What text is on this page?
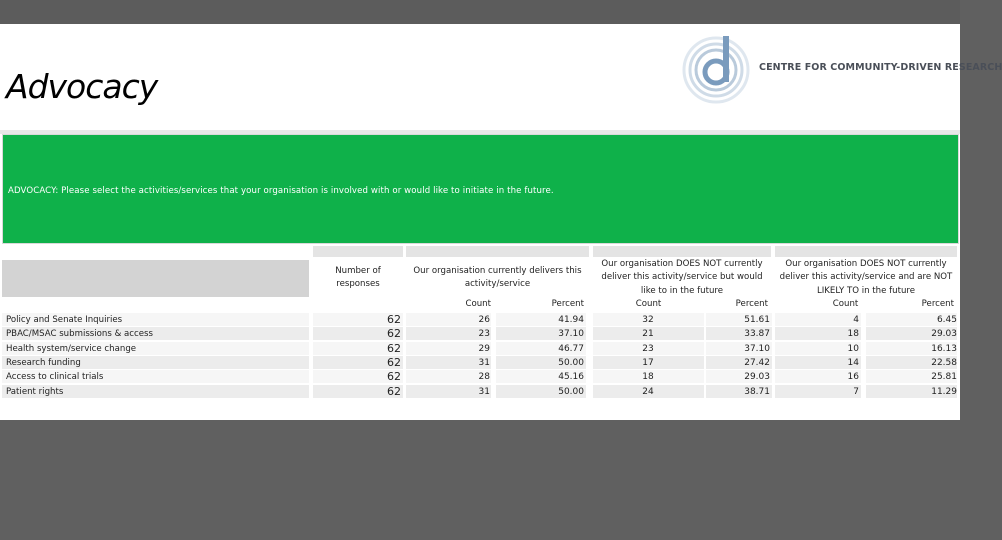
Advocacy	CENTRE FOR COMMUNITY-DRIVEN RESEARCH

ADVOCACY: Please select the activities/services that your organisation is involved with or would like to initiate in the future.

Number of responses
Our organisation currently delivers this activity/service
Our organisation DOES NOT currently deliver this activity/service but would like to in the future
Our organisation DOES NOT currently deliver this activity/service and are NOT LIKELY TO in the future
Count	Percent	Count	Percent	Count	Percent
Policy and Senate Inquiries	62	26	41.94	32	51.61	4	6.45
PBAC/MSAC submissions & access	62	23	37.10	21	33.87	18	29.03
Health system/service change	62	29	46.77	23	37.10	10	16.13
Research funding	62	31	50.00	17	27.42	14	22.58
Access to clinical trials	62	28	45.16	18	29.03	16	25.81
Patient rights	62	31	50.00	24	38.71	7	11.29
